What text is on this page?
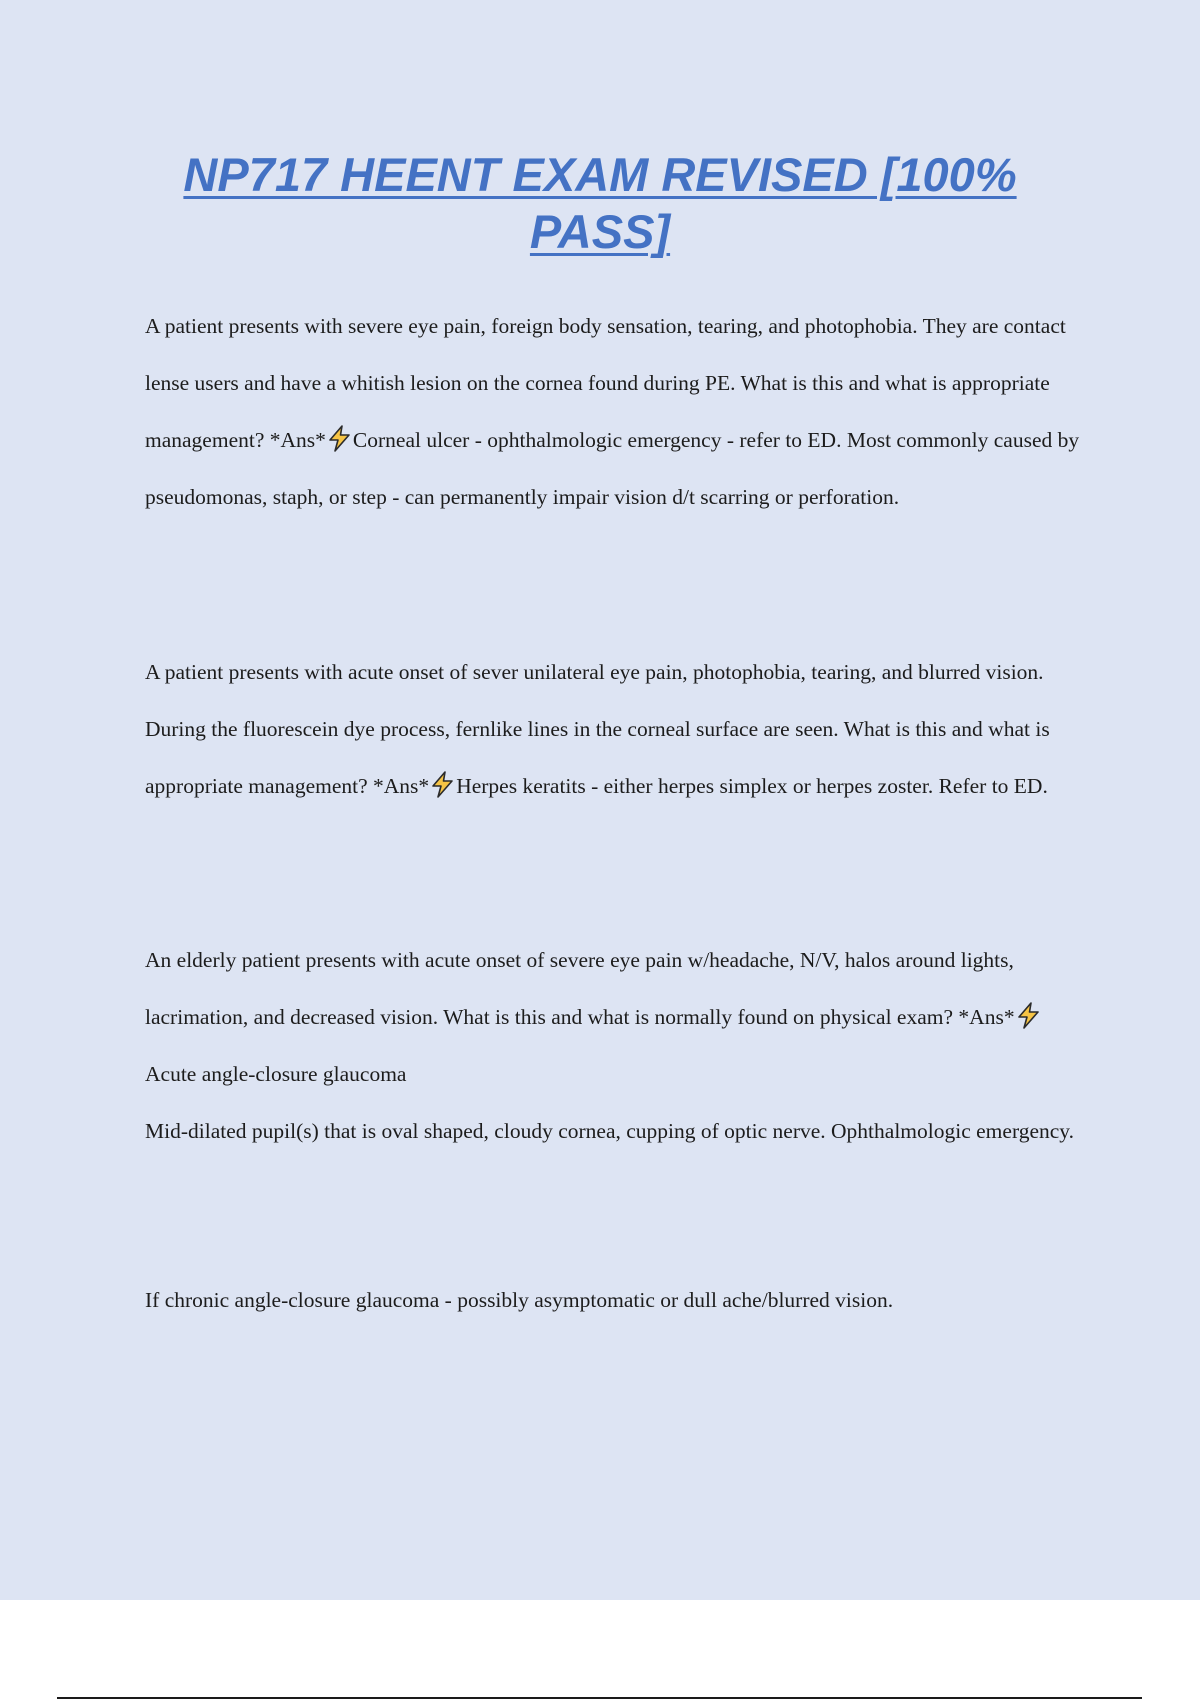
NP717 HEENT EXAM REVISED [100% PASS]

A patient presents with severe eye pain, foreign body sensation, tearing, and photophobia. They are contact lense users and have a whitish lesion on the cornea found during PE. What is this and what is appropriate management? *Ans* Corneal ulcer - ophthalmologic emergency - refer to ED. Most commonly caused by pseudomonas, staph, or step - can permanently impair vision d/t scarring or perforation.

A patient presents with acute onset of sever unilateral eye pain, photophobia, tearing, and blurred vision. During the fluorescein dye process, fernlike lines in the corneal surface are seen. What is this and what is appropriate management? *Ans* Herpes keratits - either herpes simplex or herpes zoster. Refer to ED.

An elderly patient presents with acute onset of severe eye pain w/headache, N/V, halos around lights, lacrimation, and decreased vision. What is this and what is normally found on physical exam? *Ans*Acute angle-closure glaucoma
Mid-dilated pupil(s) that is oval shaped, cloudy cornea, cupping of optic nerve. Ophthalmologic emergency.

If chronic angle-closure glaucoma - possibly asymptomatic or dull ache/blurred vision.
